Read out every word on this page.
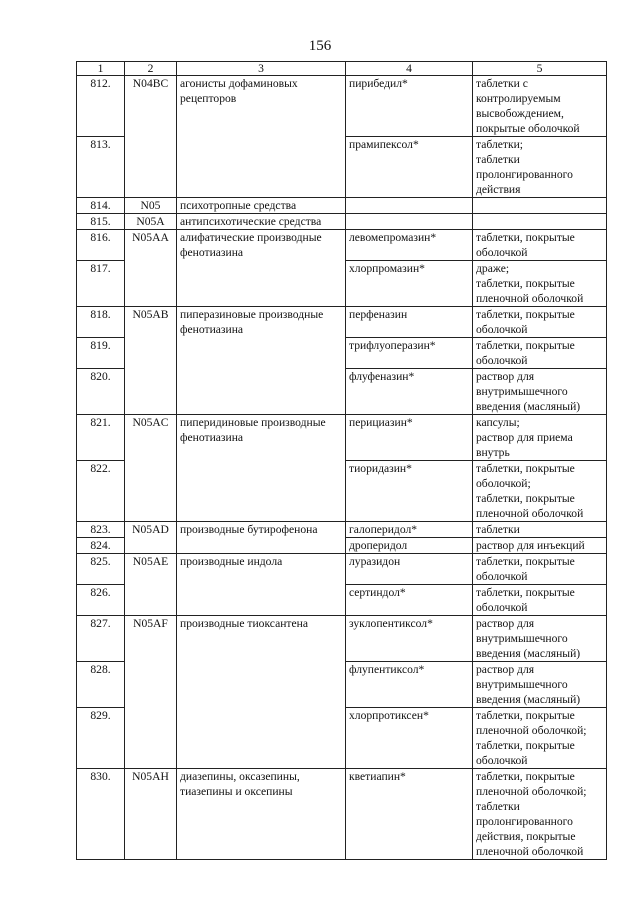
156
1	2	3	4	5
812.	N04BC	агонисты дофаминовых рецепторов	пирибедил*	таблетки с контролируемым высвобождением, покрытые оболочкой
813.			прамипексол*	таблетки;
таблетки пролонгированного действия
814.	N05	психотропные средства		
815.	N05A	антипсихотические средства		
816.	N05AA	алифатические производные фенотиазина	левомепромазин*	таблетки, покрытые оболочкой
817.			хлорпромазин*	драже;
таблетки, покрытые пленочной оболочкой
818.	N05AB	пиперазиновые производные фенотиазина	перфеназин	таблетки, покрытые оболочкой
819.			трифлуоперазин*	таблетки, покрытые оболочкой
820.			флуфеназин*	раствор для внутримышечного введения (масляный)
821.	N05AC	пиперидиновые производные фенотиазина	перициазин*	капсулы;
раствор для приема внутрь
822.			тиоридазин*	таблетки, покрытые оболочкой;
таблетки, покрытые пленочной оболочкой
823.	N05AD	производные бутирофенона	галоперидол*	таблетки
824.			дроперидол	раствор для инъекций
825.	N05AE	производные индола	луразидон	таблетки, покрытые оболочкой
826.			сертиндол*	таблетки, покрытые оболочкой
827.	N05AF	производные тиоксантена	зуклопентиксол*	раствор для внутримышечного введения (масляный)
828.			флупентиксол*	раствор для внутримышечного введения (масляный)
829.			хлорпротиксен*	таблетки, покрытые пленочной оболочкой;
таблетки, покрытые оболочкой
830.	N05AH	диазепины, оксазепины, тиазепины и оксепины	кветиапин*	таблетки, покрытые пленочной оболочкой;
таблетки пролонгированного действия, покрытые пленочной оболочкой
